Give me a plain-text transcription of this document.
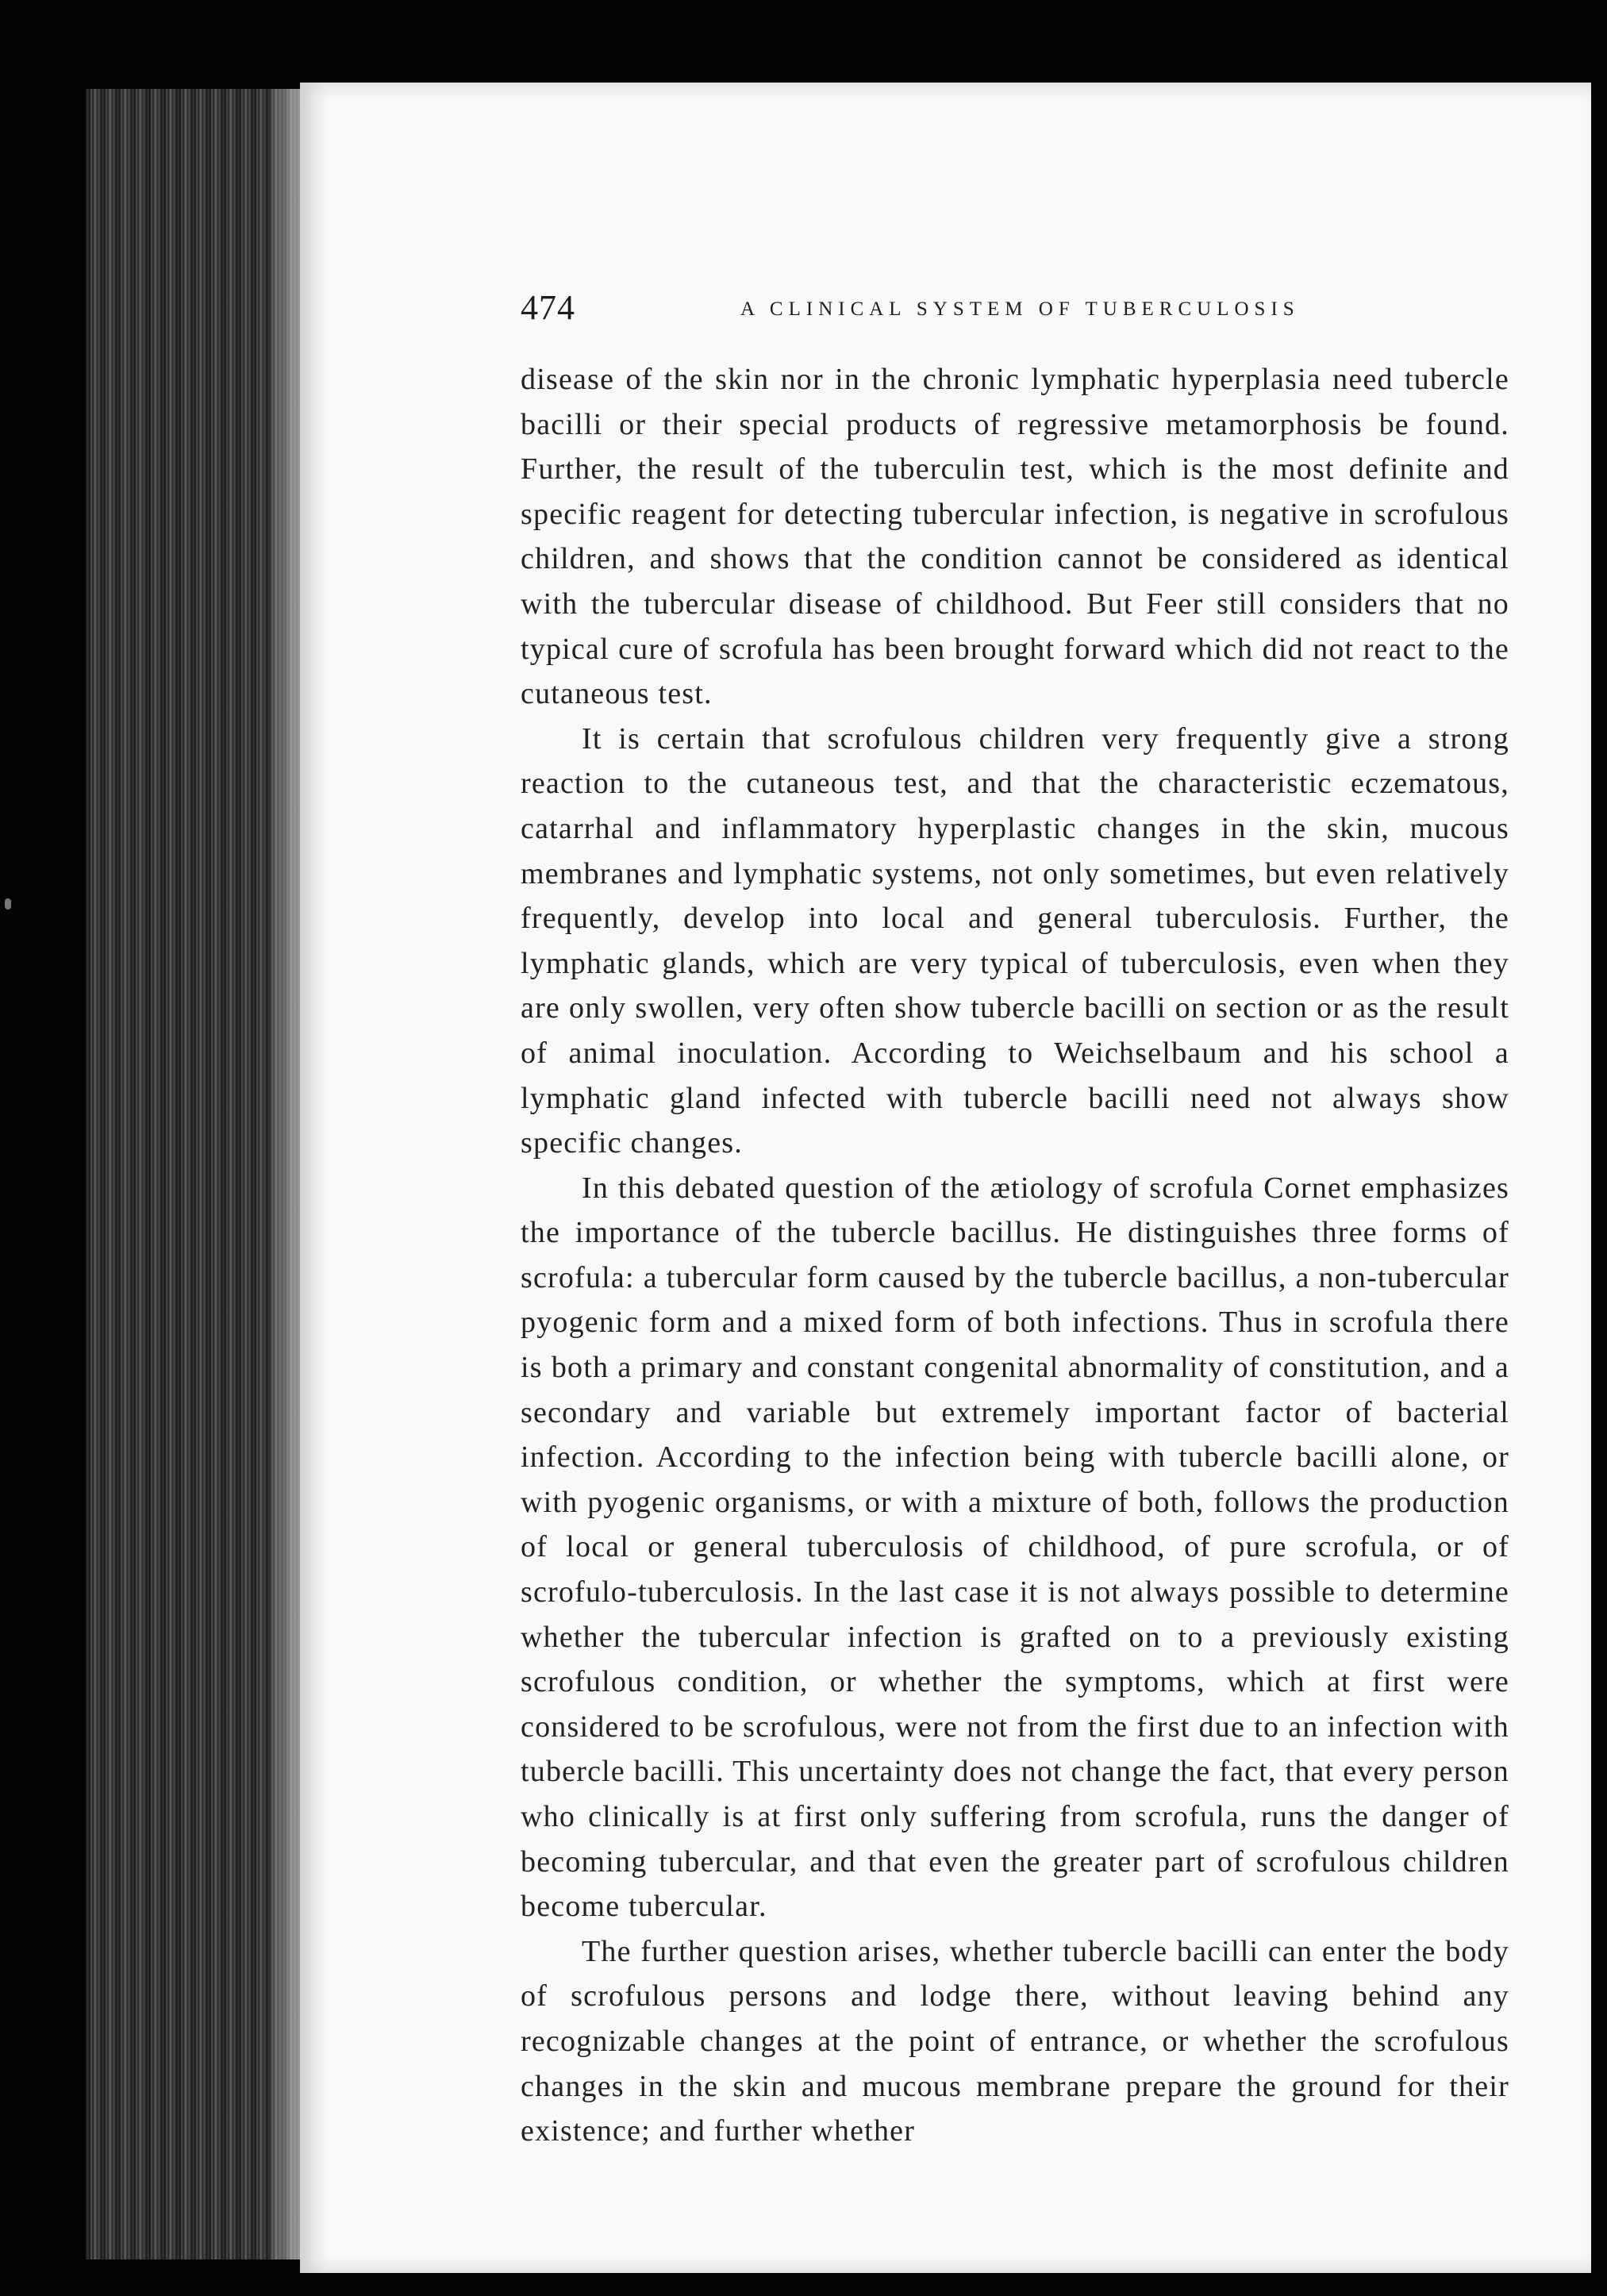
474	A CLINICAL SYSTEM OF TUBERCULOSIS

disease of the skin nor in the chronic lymphatic hyperplasia need tubercle bacilli or their special products of regressive metamorphosis be found. Further, the result of the tuberculin test, which is the most definite and specific reagent for detecting tubercular infection, is negative in scrofulous children, and shows that the condition cannot be considered as identical with the tubercular disease of childhood. But Feer still considers that no typical cure of scrofula has been brought forward which did not react to the cutaneous test.

It is certain that scrofulous children very frequently give a strong reaction to the cutaneous test, and that the characteristic eczematous, catarrhal and inflammatory hyperplastic changes in the skin, mucous membranes and lymphatic systems, not only sometimes, but even relatively frequently, develop into local and general tuberculosis. Further, the lymphatic glands, which are very typical of tuberculosis, even when they are only swollen, very often show tubercle bacilli on section or as the result of animal inoculation. According to Weichselbaum and his school a lymphatic gland infected with tubercle bacilli need not always show specific changes.

In this debated question of the ætiology of scrofula Cornet emphasizes the importance of the tubercle bacillus. He distinguishes three forms of scrofula: a tubercular form caused by the tubercle bacillus, a non-tubercular pyogenic form and a mixed form of both infections. Thus in scrofula there is both a primary and constant congenital abnormality of constitution, and a secondary and variable but extremely important factor of bacterial infection. According to the infection being with tubercle bacilli alone, or with pyogenic organisms, or with a mixture of both, follows the production of local or general tuberculosis of childhood, of pure scrofula, or of scrofulo-tuberculosis. In the last case it is not always possible to determine whether the tubercular infection is grafted on to a previously existing scrofulous condition, or whether the symptoms, which at first were considered to be scrofulous, were not from the first due to an infection with tubercle bacilli. This uncertainty does not change the fact, that every person who clinically is at first only suffering from scrofula, runs the danger of becoming tubercular, and that even the greater part of scrofulous children become tubercular.

The further question arises, whether tubercle bacilli can enter the body of scrofulous persons and lodge there, without leaving behind any recognizable changes at the point of entrance, or whether the scrofulous changes in the skin and mucous membrane prepare the ground for their existence; and further whether
